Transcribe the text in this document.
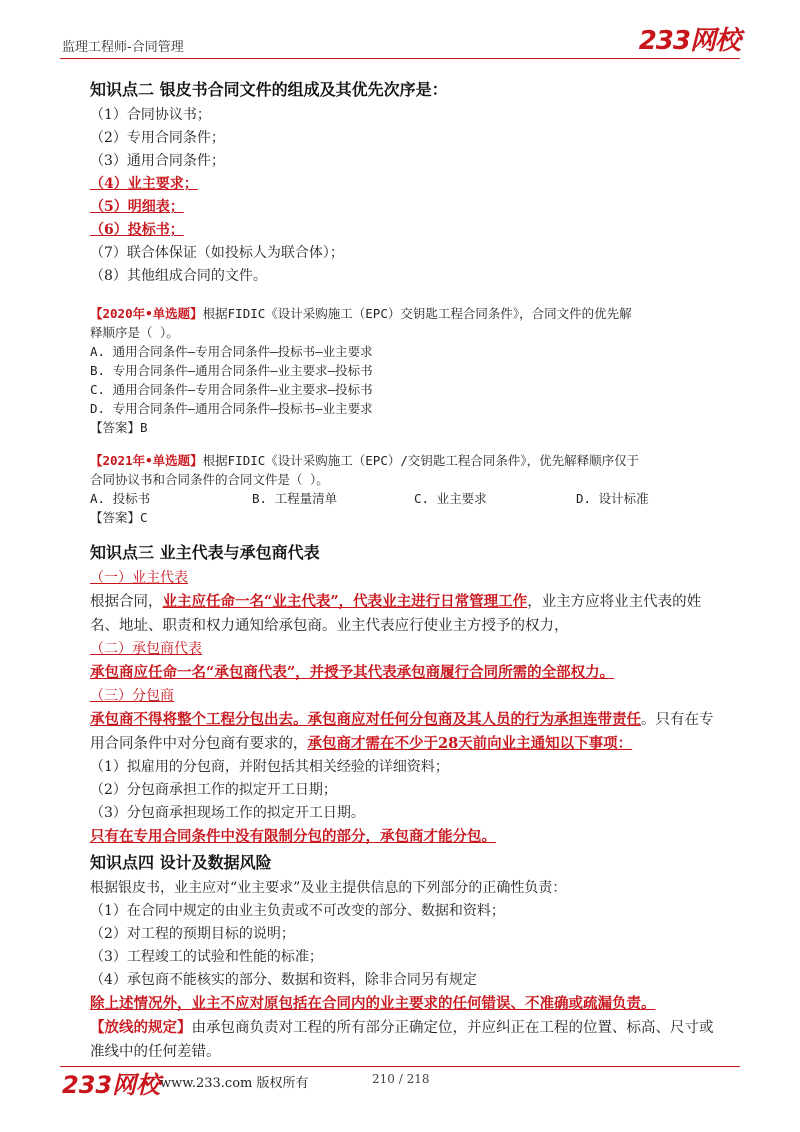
监理工程师-合同管理	233网校

知识点二 银皮书合同文件的组成及其优先次序是：

（1）合同协议书；

（2）专用合同条件；

（3）通用合同条件；

（4）业主要求；

（5）明细表；

（6）投标书；

（7）联合体保证（如投标人为联合体）；

（8）其他组成合同的文件。

【2020年•单选题】根据FIDIC《设计采购施工（EPC）交钥匙工程合同条件》，合同文件的优先解

释顺序是（ ）。

A. 通用合同条件—专用合同条件—投标书—业主要求

B. 专用合同条件—通用合同条件—业主要求—投标书

C. 通用合同条件—专用合同条件—业主要求—投标书

D. 专用合同条件—通用合同条件—投标书—业主要求

【答案】B

【2021年•单选题】根据FIDIC《设计采购施工（EPC）/交钥匙工程合同条件》，优先解释顺序仅于

合同协议书和合同条件的合同文件是（ ）。

A. 投标书	B. 工程量清单	C. 业主要求	D. 设计标准

【答案】C

知识点三 业主代表与承包商代表

（一）业主代表

根据合同，业主应任命一名“业主代表”，代表业主进行日常管理工作，业主方应将业主代表的姓

名、地址、职责和权力通知给承包商。业主代表应行使业主方授予的权力，

（二）承包商代表

承包商应任命一名“承包商代表”，并授予其代表承包商履行合同所需的全部权力。

（三）分包商

承包商不得将整个工程分包出去。承包商应对任何分包商及其人员的行为承担连带责任。只有在专

用合同条件中对分包商有要求的，承包商才需在不少于28天前向业主通知以下事项：

（1）拟雇用的分包商，并附包括其相关经验的详细资料；

（2）分包商承担工作的拟定开工日期；

（3）分包商承担现场工作的拟定开工日期。

只有在专用合同条件中没有限制分包的部分，承包商才能分包。

知识点四 设计及数据风险

根据银皮书，业主应对“业主要求”及业主提供信息的下列部分的正确性负责：

（1）在合同中规定的由业主负责或不可改变的部分、数据和资料；

（2）对工程的预期目标的说明；

（3）工程竣工的试验和性能的标准；

（4）承包商不能核实的部分、数据和资料，除非合同另有规定

除上述情况外，业主不应对原包括在合同内的业主要求的任何错误、不准确或疏漏负责。

【放线的规定】由承包商负责对工程的所有部分正确定位，并应纠正在工程的位置、标高、尺寸或

准线中的任何差错。

233网校 www.233.com 版权所有	210 / 218
